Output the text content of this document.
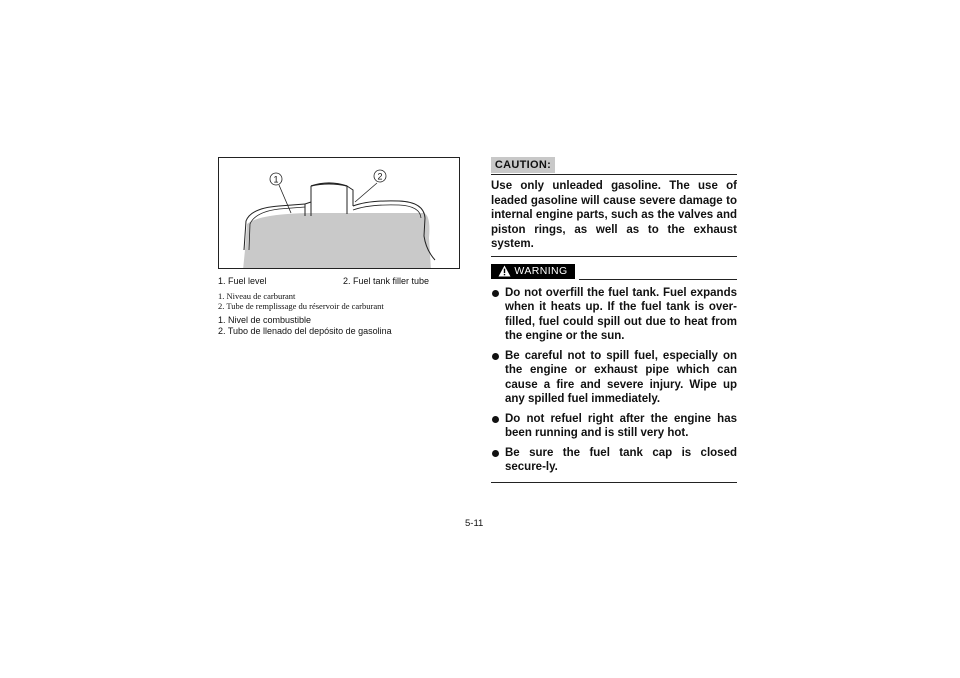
1	2
1. Fuel level	2. Fuel tank filler tube
1. Niveau de carburant
2. Tube de remplissage du réservoir de carburant
1. Nivel de combustible
2. Tubo de llenado del depósito de gasolina
CAUTION:
Use only unleaded gasoline. The use of leaded gasoline will cause severe damage to internal engine parts, such as the valves and piston rings, as well as to the exhaust system.
WARNING
Do not overfill the fuel tank. Fuel expands when it heats up. If the fuel tank is over-filled, fuel could spill out due to heat from the engine or the sun.
Be careful not to spill fuel, especially on the engine or exhaust pipe which can cause a fire and severe injury. Wipe up any spilled fuel immediately.
Do not refuel right after the engine has been running and is still very hot.
Be sure the fuel tank cap is closed secure-ly.
5-11
